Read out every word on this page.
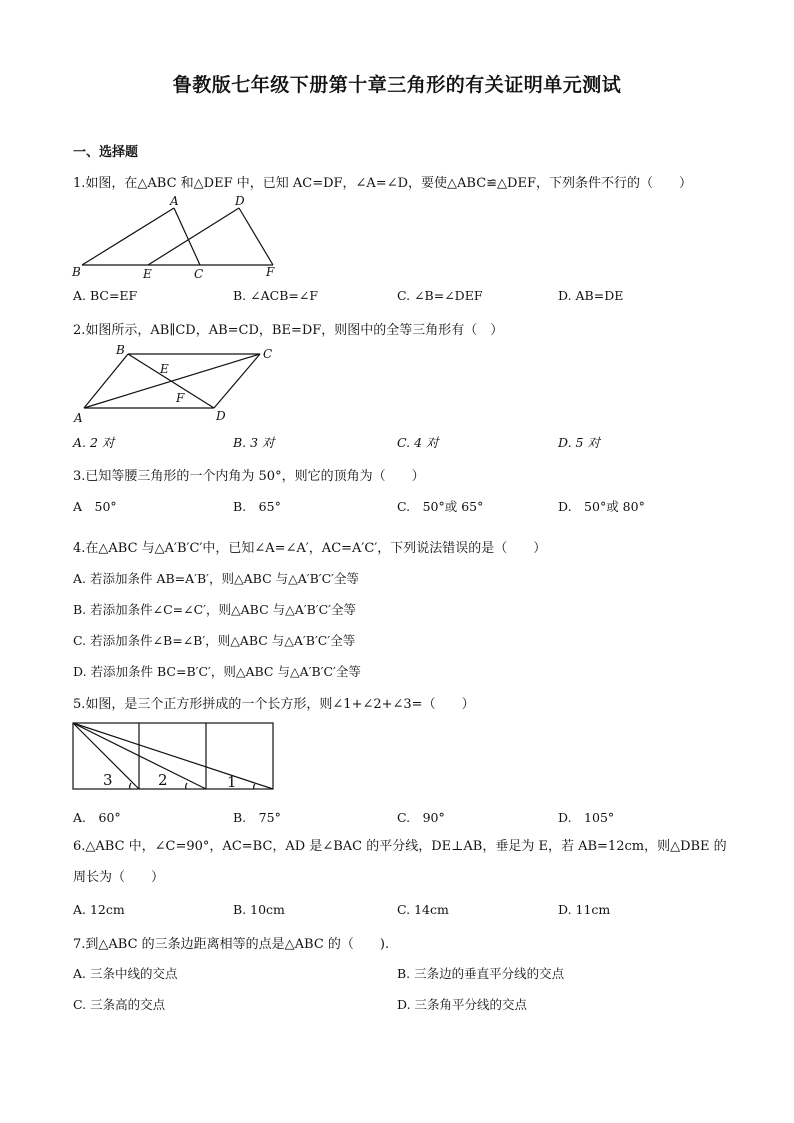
鲁教版七年级下册第十章三角形的有关证明单元测试
一、选择题
1.如图，在△ABC 和△DEF 中，已知 AC=DF，∠A=∠D，要使△ABC≌△DEF，下列条件不行的（　　）
A	D
B	E	C	F
A. BC=EF	B. ∠ACB=∠F	C. ∠B=∠DEF	D. AB=DE
2.如图所示，AB∥CD，AB=CD，BE=DF，则图中的全等三角形有（　）
B	C
E
F
A	D
A. 2 对	B. 3 对	C. 4 对	D. 5 对
3.已知等腰三角形的一个内角为 50°，则它的顶角为（　　）
A　50°	B.　65°	C.　50°或 65°	D.　50°或 80°
4.在△ABC 与△A′B′C′中，已知∠A=∠A′，AC=A′C′，下列说法错误的是（　　）
A. 若添加条件 AB=A′B′，则△ABC 与△A′B′C′全等
B. 若添加条件∠C=∠C′，则△ABC 与△A′B′C′全等
C. 若添加条件∠B=∠B′，则△ABC 与△A′B′C′全等
D. 若添加条件 BC=B′C′，则△ABC 与△A′B′C′全等
5.如图，是三个正方形拼成的一个长方形，则∠1+∠2+∠3=（　　）
3	2	1
A.　60°	B.　75°	C.　90°	D.　105°
6.△ABC 中，∠C=90°，AC=BC，AD 是∠BAC 的平分线，DE⊥AB，垂足为 E，若 AB=12cm，则△DBE 的周长为（　　）
A. 12cm	B. 10cm	C. 14cm	D. 11cm
7.到△ABC 的三条边距离相等的点是△ABC 的（　　).
A. 三条中线的交点	B. 三条边的垂直平分线的交点
C. 三条高的交点	D. 三条角平分线的交点
